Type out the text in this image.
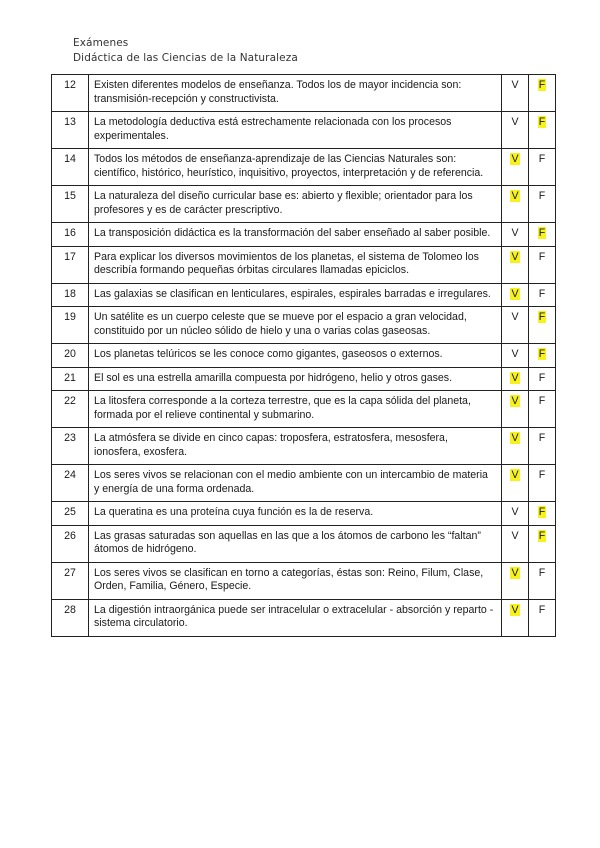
Exámenes
Didáctica de las Ciencias de la Naturaleza
12	Existen diferentes modelos de enseñanza. Todos los de mayor incidencia son: transmisión-recepción y constructivista.	V	F
13	La metodología deductiva está estrechamente relacionada con los procesos experimentales.	V	F
14	Todos los métodos de enseñanza-aprendizaje de las Ciencias Naturales son: científico, histórico, heurístico, inquisitivo, proyectos, interpretación y de referencia.	V	F
15	La naturaleza del diseño curricular base es: abierto y flexible; orientador para los profesores y es de carácter prescriptivo.	V	F
16	La transposición didáctica es la transformación del saber enseñado al saber posible.	V	F
17	Para explicar los diversos movimientos de los planetas, el sistema de Tolomeo los describía formando pequeñas órbitas circulares llamadas epiciclos.	V	F
18	Las galaxias se clasifican en lenticulares, espirales, espirales barradas e irregulares.	V	F
19	Un satélite es un cuerpo celeste que se mueve por el espacio a gran velocidad, constituido por un núcleo sólido de hielo y una o varias colas gaseosas.	V	F
20	Los planetas telúricos se les conoce como gigantes, gaseosos o externos.	V	F
21	El sol es una estrella amarilla compuesta por hidrógeno, helio y otros gases.	V	F
22	La litosfera corresponde a la corteza terrestre, que es la capa sólida del planeta, formada por el relieve continental y submarino.	V	F
23	La atmósfera se divide en cinco capas: troposfera, estratosfera, mesosfera, ionosfera, exosfera.	V	F
24	Los seres vivos se relacionan con el medio ambiente con un intercambio de materia y energía de una forma ordenada.	V	F
25	La queratina es una proteína cuya función es la de reserva.	V	F
26	Las grasas saturadas son aquellas en las que a los átomos de carbono les “faltan” átomos de hidrógeno.	V	F
27	Los seres vivos se clasifican en torno a categorías, éstas son: Reino, Filum, Clase, Orden, Familia, Género, Especie.	V	F
28	La digestión intraorgánica puede ser intracelular o extracelular - absorción y reparto -sistema circulatorio.	V	F
